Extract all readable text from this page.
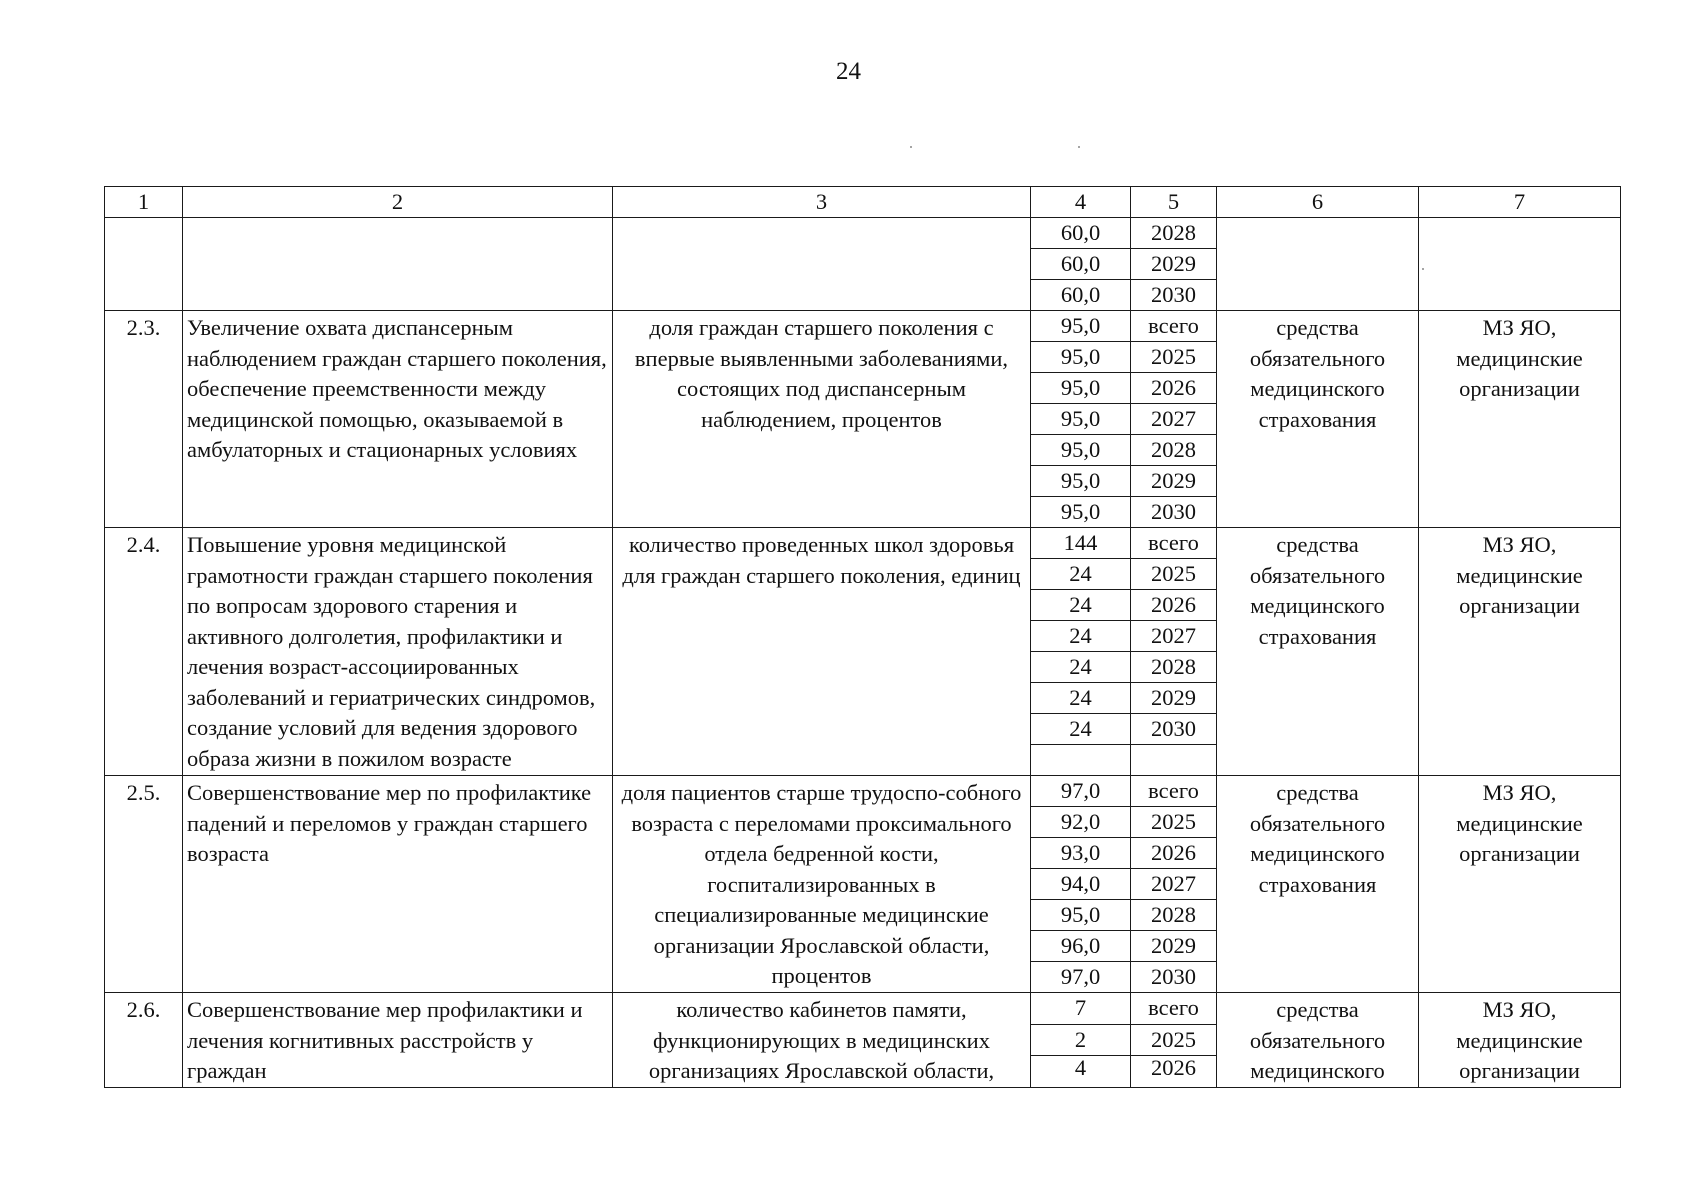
24
1	2	3	4	5	6	7
			60,0	2028		
			60,0	2029		
			60,0	2030		
2.3.	Увеличение охвата диспансерным наблюдением граждан старшего поколения, обеспечение преемственности между медицинской помощью, оказываемой в амбулаторных и стационарных условиях	доля граждан старшего поколения с впервые выявленными заболеваниями, состоящих под диспансерным наблюдением, процентов	95,0	всего	средства обязательного медицинского страхования	МЗ ЯО, медицинские организации
			95,0	2025		
			95,0	2026		
			95,0	2027		
			95,0	2028		
			95,0	2029		
			95,0	2030		
2.4.	Повышение уровня медицинской грамотности граждан старшего поколения по вопросам здорового старения и активного долголетия, профилактики и лечения возраст-ассоциированных заболеваний и гериатрических синдромов, создание условий для ведения здорового образа жизни в пожилом возрасте	количество проведенных школ здоровья для граждан старшего поколения, единиц	144	всего	средства обязательного медицинского страхования	МЗ ЯО, медицинские организации
			24	2025		
			24	2026		
			24	2027		
			24	2028		
			24	2029		
			24	2030		

2.5.	Совершенствование мер по профилактике падений и переломов у граждан старшего возраста	доля пациентов старше трудоспо-собного возраста с переломами проксимального отдела бедренной кости, госпитализированных в специализированные медицинские организации Ярославской области, процентов	97,0	всего	средства обязательного медицинского страхования	МЗ ЯО, медицинские организации
			92,0	2025		
			93,0	2026		
			94,0	2027		
			95,0	2028		
			96,0	2029		
			97,0	2030		
2.6.	Совершенствование мер профилактики и лечения когнитивных расстройств у граждан	количество кабинетов памяти, функционирующих в медицинских организациях Ярославской области,	7	всего	средства обязательного медицинского	МЗ ЯО, медицинские организации
			2	2025		
			4	2026		
